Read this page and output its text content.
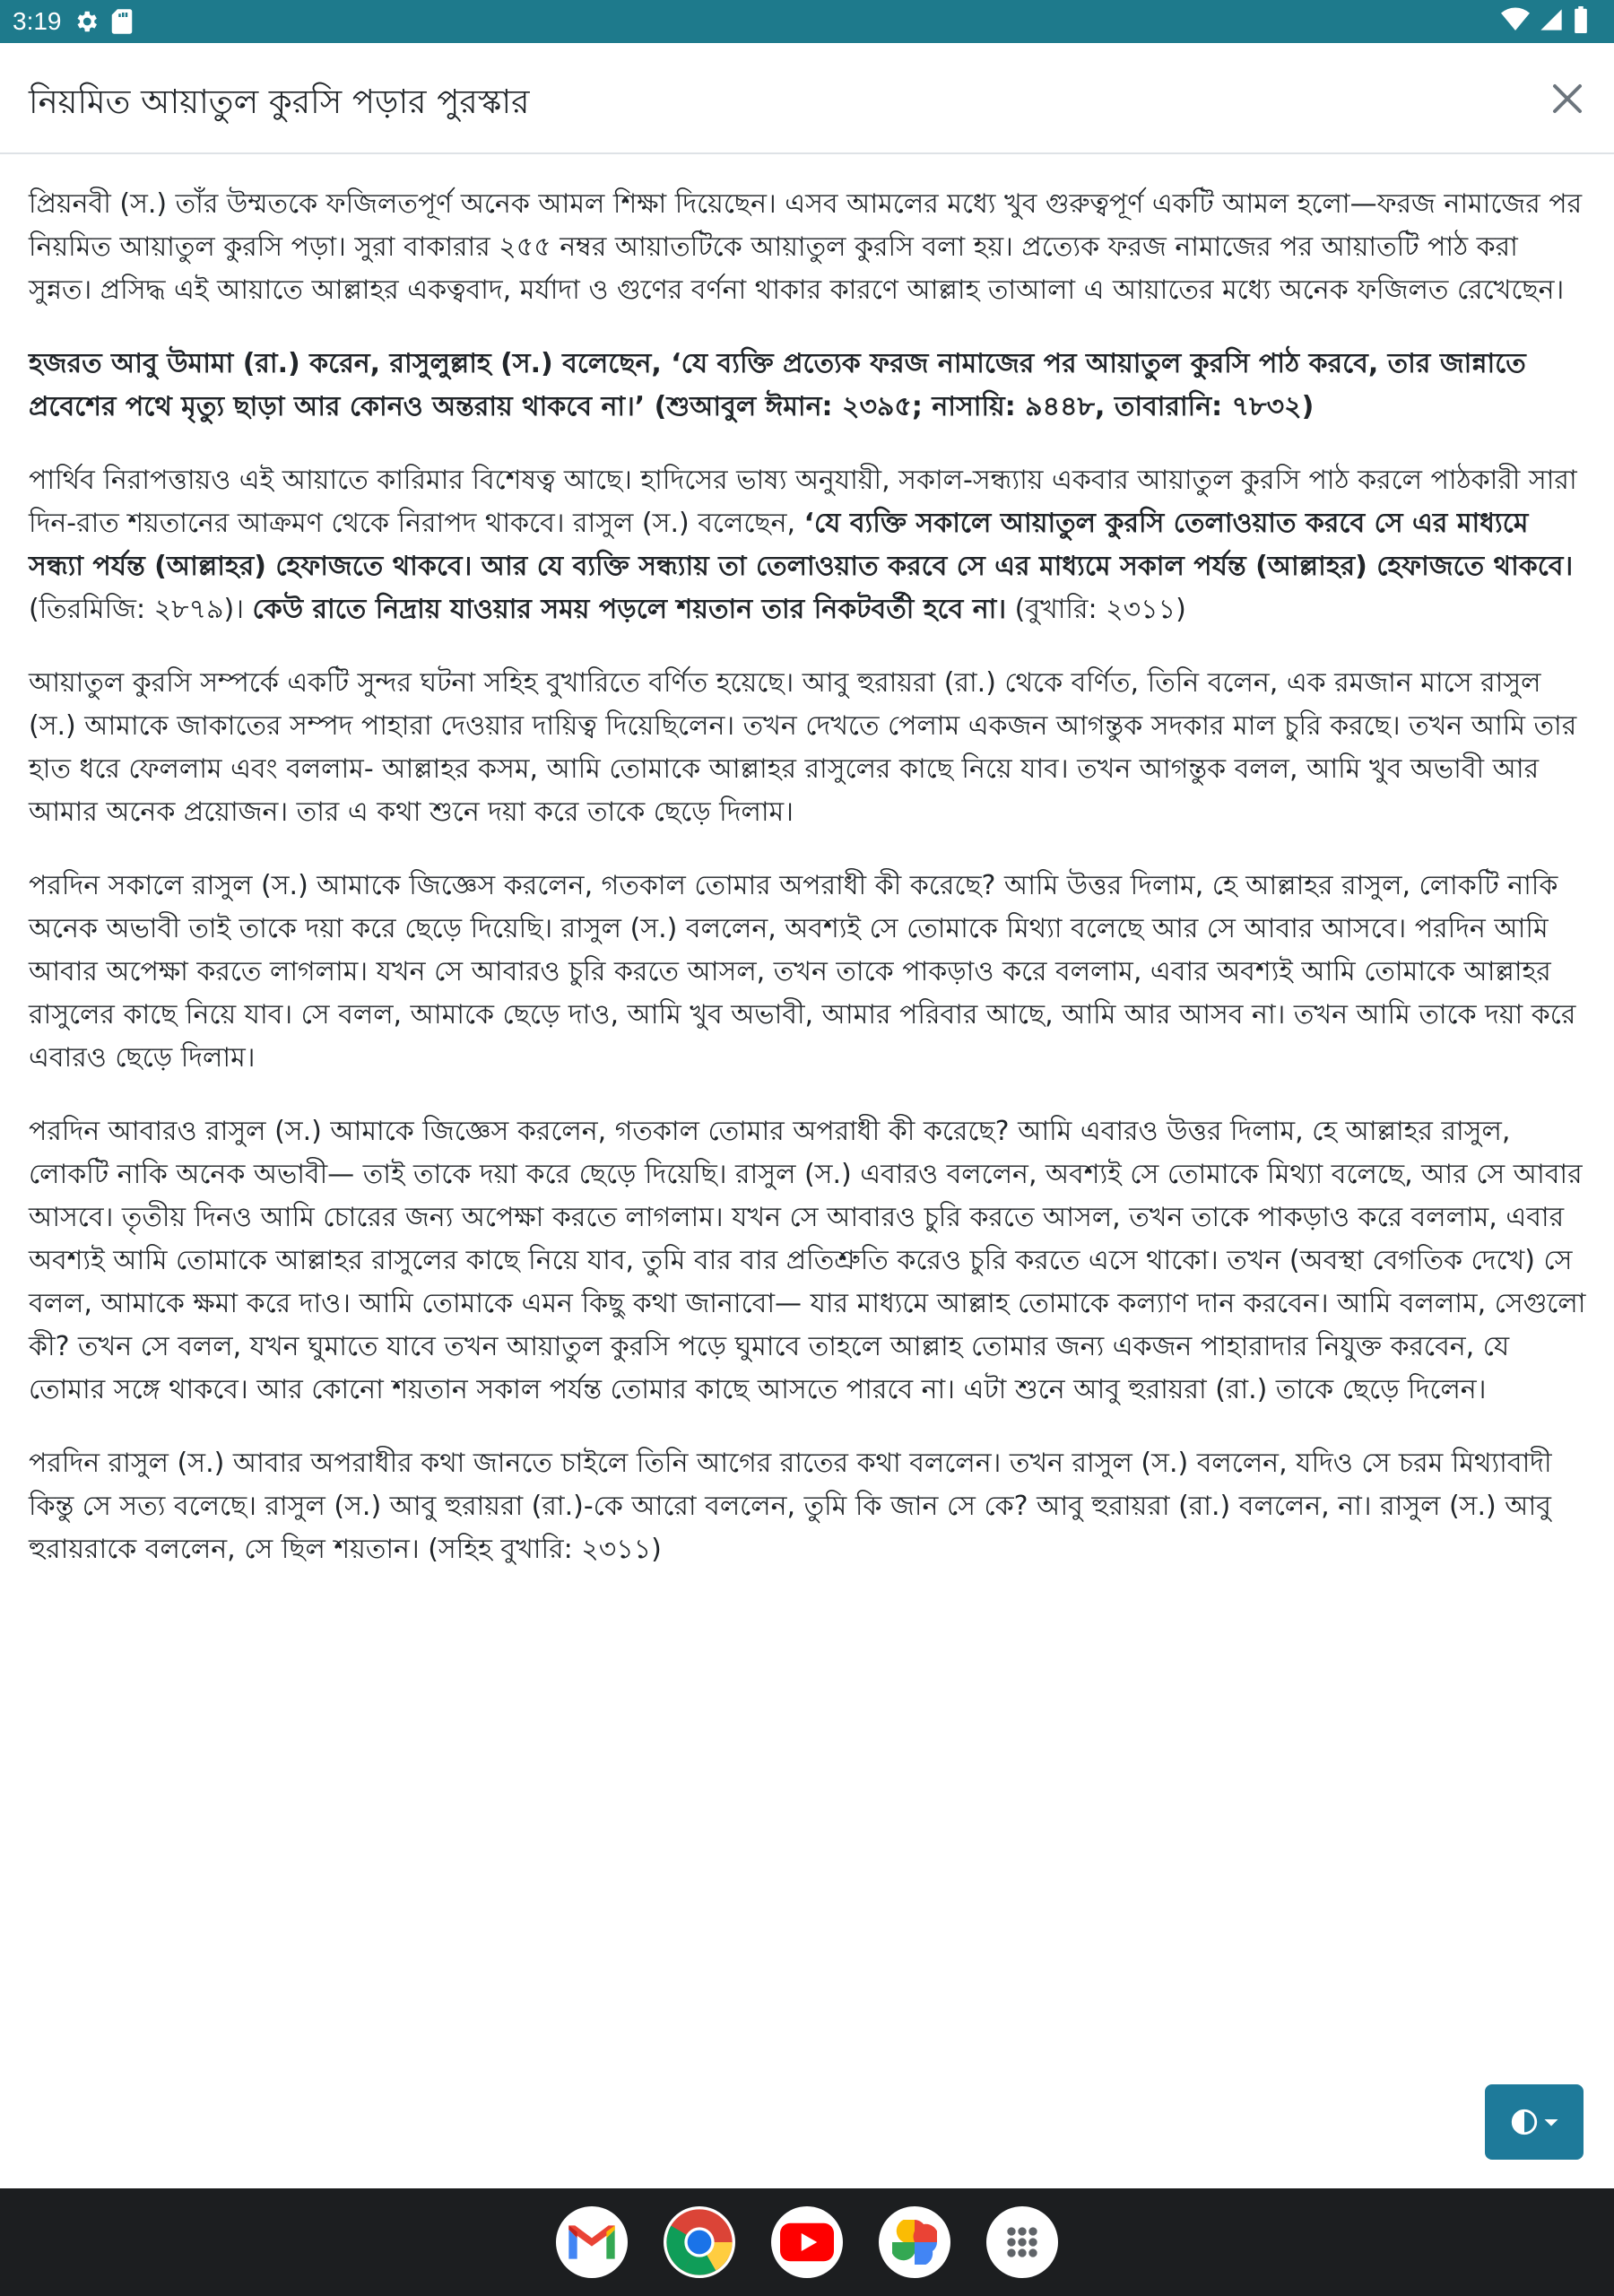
3:19
নিয়মিত আয়াতুল কুরসি পড়ার পুরস্কার

প্রিয়নবী (স.) তাঁর উম্মতকে ফজিলতপূর্ণ অনেক আমল শিক্ষা দিয়েছেন। এসব আমলের মধ্যে খুব গুরুত্বপূর্ণ একটি আমল হলো—ফরজ নামাজের পর নিয়মিত আয়াতুল কুরসি পড়া। সুরা বাকারার ২৫৫ নম্বর আয়াতটিকে আয়াতুল কুরসি বলা হয়। প্রত্যেক ফরজ নামাজের পর আয়াতটি পাঠ করা সুন্নত। প্রসিদ্ধ এই আয়াতে আল্লাহর একত্ববাদ, মর্যাদা ও গুণের বর্ণনা থাকার কারণে আল্লাহ তাআলা এ আয়াতের মধ্যে অনেক ফজিলত রেখেছেন।

হজরত আবু উমামা (রা.) করেন, রাসুলুল্লাহ (স.) বলেছেন, ‘যে ব্যক্তি প্রত্যেক ফরজ নামাজের পর আয়াতুল কুরসি পাঠ করবে, তার জান্নাতে প্রবেশের পথে মৃত্যু ছাড়া আর কোনও অন্তরায় থাকবে না।’ (শুআবুল ঈমান: ২৩৯৫; নাসায়ি: ৯৪৪৮, তাবারানি: ৭৮৩২)

পার্থিব নিরাপত্তায়ও এই আয়াতে কারিমার বিশেষত্ব আছে। হাদিসের ভাষ্য অনুযায়ী, সকাল-সন্ধ্যায় একবার আয়াতুল কুরসি পাঠ করলে পাঠকারী সারা দিন-রাত শয়তানের আক্রমণ থেকে নিরাপদ থাকবে। রাসুল (স.) বলেছেন, ‘যে ব্যক্তি সকালে আয়াতুল কুরসি তেলাওয়াত করবে সে এর মাধ্যমে সন্ধ্যা পর্যন্ত (আল্লাহর) হেফাজতে থাকবে। আর যে ব্যক্তি সন্ধ্যায় তা তেলাওয়াত করবে সে এর মাধ্যমে সকাল পর্যন্ত (আল্লাহর) হেফাজতে থাকবে। (তিরমিজি: ২৮৭৯)। কেউ রাতে নিদ্রায় যাওয়ার সময় পড়লে শয়তান তার নিকটবর্তী হবে না। (বুখারি: ২৩১১)

আয়াতুল কুরসি সম্পর্কে একটি সুন্দর ঘটনা সহিহ বুখারিতে বর্ণিত হয়েছে। আবু হুরায়রা (রা.) থেকে বর্ণিত, তিনি বলেন, এক রমজান মাসে রাসুল (স.) আমাকে জাকাতের সম্পদ পাহারা দেওয়ার দায়িত্ব দিয়েছিলেন। তখন দেখতে পেলাম একজন আগন্তুক সদকার মাল চুরি করছে। তখন আমি তার হাত ধরে ফেললাম এবং বললাম- আল্লাহর কসম, আমি তোমাকে আল্লাহর রাসুলের কাছে নিয়ে যাব। তখন আগন্তুক বলল, আমি খুব অভাবী আর আমার অনেক প্রয়োজন। তার এ কথা শুনে দয়া করে তাকে ছেড়ে দিলাম।

পরদিন সকালে রাসুল (স.) আমাকে জিজ্ঞেস করলেন, গতকাল তোমার অপরাধী কী করেছে? আমি উত্তর দিলাম, হে আল্লাহর রাসুল, লোকটি নাকি অনেক অভাবী তাই তাকে দয়া করে ছেড়ে দিয়েছি। রাসুল (স.) বললেন, অবশ্যই সে তোমাকে মিথ্যা বলেছে আর সে আবার আসবে। পরদিন আমি আবার অপেক্ষা করতে লাগলাম। যখন সে আবারও চুরি করতে আসল, তখন তাকে পাকড়াও করে বললাম, এবার অবশ্যই আমি তোমাকে আল্লাহর রাসুলের কাছে নিয়ে যাব। সে বলল, আমাকে ছেড়ে দাও, আমি খুব অভাবী, আমার পরিবার আছে, আমি আর আসব না। তখন আমি তাকে দয়া করে এবারও ছেড়ে দিলাম।

পরদিন আবারও রাসুল (স.) আমাকে জিজ্ঞেস করলেন, গতকাল তোমার অপরাধী কী করেছে? আমি এবারও উত্তর দিলাম, হে আল্লাহর রাসুল, লোকটি নাকি অনেক অভাবী— তাই তাকে দয়া করে ছেড়ে দিয়েছি। রাসুল (স.) এবারও বললেন, অবশ্যই সে তোমাকে মিথ্যা বলেছে, আর সে আবার আসবে। তৃতীয় দিনও আমি চোরের জন্য অপেক্ষা করতে লাগলাম। যখন সে আবারও চুরি করতে আসল, তখন তাকে পাকড়াও করে বললাম, এবার অবশ্যই আমি তোমাকে আল্লাহর রাসুলের কাছে নিয়ে যাব, তুমি বার বার প্রতিশ্রুতি করেও চুরি করতে এসে থাকো। তখন (অবস্থা বেগতিক দেখে) সে বলল, আমাকে ক্ষমা করে দাও। আমি তোমাকে এমন কিছু কথা জানাবো— যার মাধ্যমে আল্লাহ তোমাকে কল্যাণ দান করবেন। আমি বললাম, সেগুলো কী? তখন সে বলল, যখন ঘুমাতে যাবে তখন আয়াতুল কুরসি পড়ে ঘুমাবে তাহলে আল্লাহ তোমার জন্য একজন পাহারাদার নিযুক্ত করবেন, যে তোমার সঙ্গে থাকবে। আর কোনো শয়তান সকাল পর্যন্ত তোমার কাছে আসতে পারবে না। এটা শুনে আবু হুরায়রা (রা.) তাকে ছেড়ে দিলেন।

পরদিন রাসুল (স.) আবার অপরাধীর কথা জানতে চাইলে তিনি আগের রাতের কথা বললেন। তখন রাসুল (স.) বললেন, যদিও সে চরম মিথ্যাবাদী কিন্তু সে সত্য বলেছে। রাসুল (স.) আবু হুরায়রা (রা.)-কে আরো বললেন, তুমি কি জান সে কে? আবু হুরায়রা (রা.) বললেন, না। রাসুল (স.) আবু হুরায়রাকে বললেন, সে ছিল শয়তান। (সহিহ বুখারি: ২৩১১)
